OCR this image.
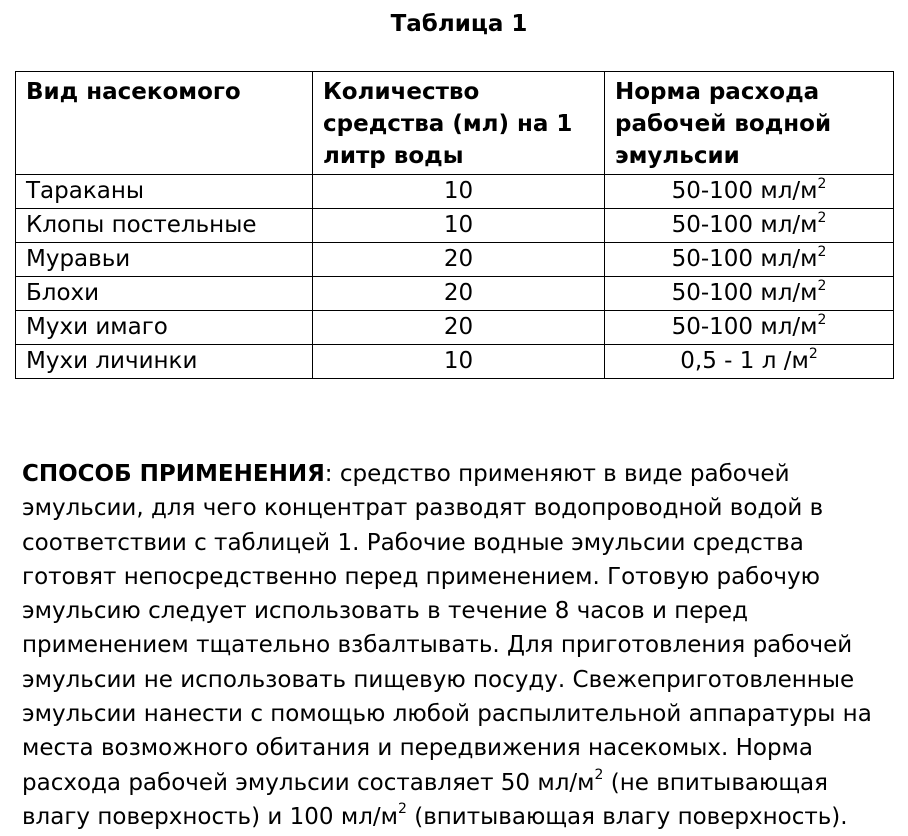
Таблица 1
Вид насекомого	Количество средства (мл) на 1 литр воды	Норма расхода рабочей водной эмульсии
Тараканы	10	50-100 $мл/м^2$
Клопы постельные	10	50-100 $мл/м^2$
Муравьи	20	50-100 $мл/м^2$
Блохи	20	50-100 $мл/м^2$
Мухи имаго	20	50-100 $мл/м^2$
Мухи личинки	10	0,5 - 1 л $/м^2$
СПОСОБ ПРИМЕНЕНИЯ: средство применяют в виде рабочей
эмульсии, для чего концентрат разводят водопроводной водой в
соответствии с таблицей 1. Рабочие водные эмульсии средства
готовят непосредственно перед применением. Готовую рабочую
эмульсию следует использовать в течение 8 часов и перед
применением тщательно взбалтывать. Для приготовления рабочей
эмульсии не использовать пищевую посуду. Свежеприготовленные
эмульсии нанести с помощью любой распылительной аппаратуры на
места возможного обитания и передвижения насекомых. Норма
расхода рабочей эмульсии составляет 50 $мл/м^2$ (не впитывающая
влагу поверхность) и 100 $мл/м^2$ (впитывающая влагу поверхность).
